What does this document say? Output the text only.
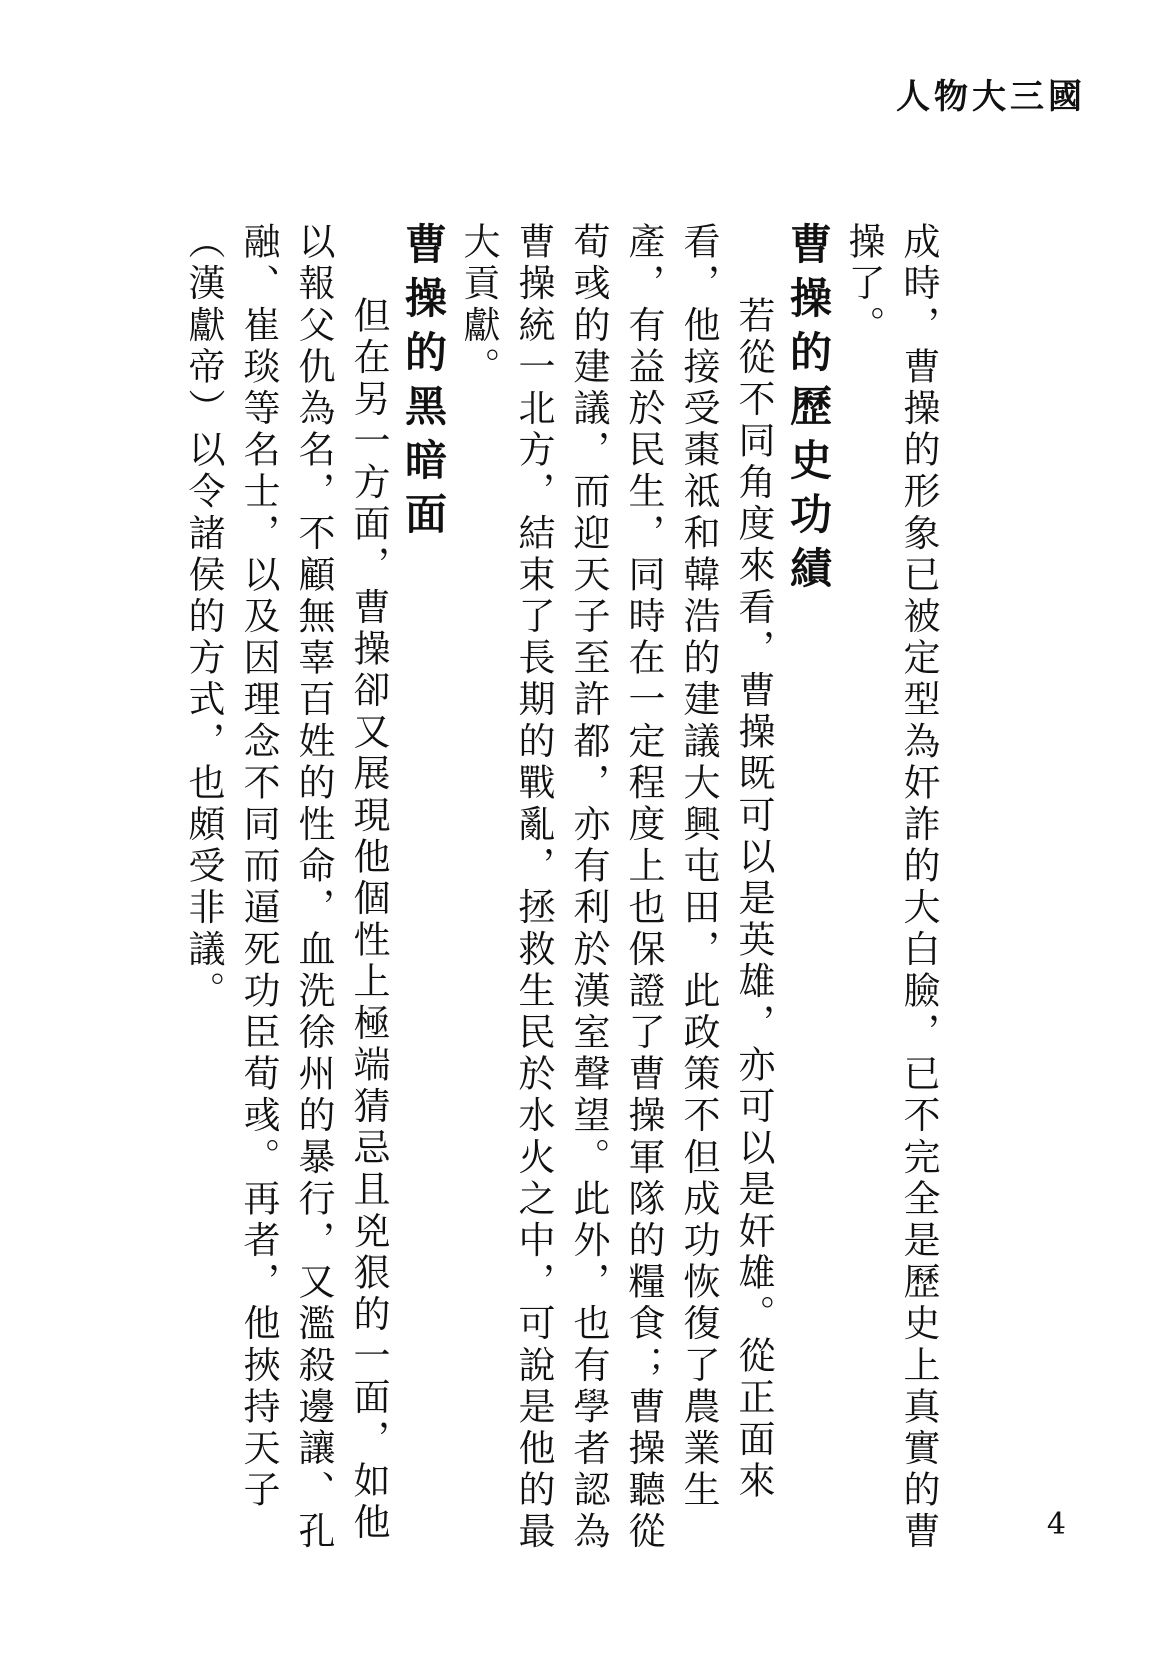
人物大三國

成時，曹操的形象已被定型為奸詐的大白臉，已不完全是歷史上真實的曹操了。

曹操的歷史功績

若從不同角度來看，曹操既可以是英雄，亦可以是奸雄。從正面來看，他接受棗祗和韓浩的建議大興屯田，此政策不但成功恢復了農業生產，有益於民生，同時在一定程度上也保證了曹操軍隊的糧食；曹操聽從荀彧的建議，而迎天子至許都，亦有利於漢室聲望。此外，也有學者認為曹操統一北方，結束了長期的戰亂，拯救生民於水火之中，可說是他的最大貢獻。

曹操的黑暗面

但在另一方面，曹操卻又展現他個性上極端猜忌且兇狠的一面，如他以報父仇為名，不顧無辜百姓的性命，血洗徐州的暴行，又濫殺邊讓、孔融、崔琰等名士，以及因理念不同而逼死功臣荀彧。再者，他挾持天子（漢獻帝）以令諸侯的方式，也頗受非議。

4
